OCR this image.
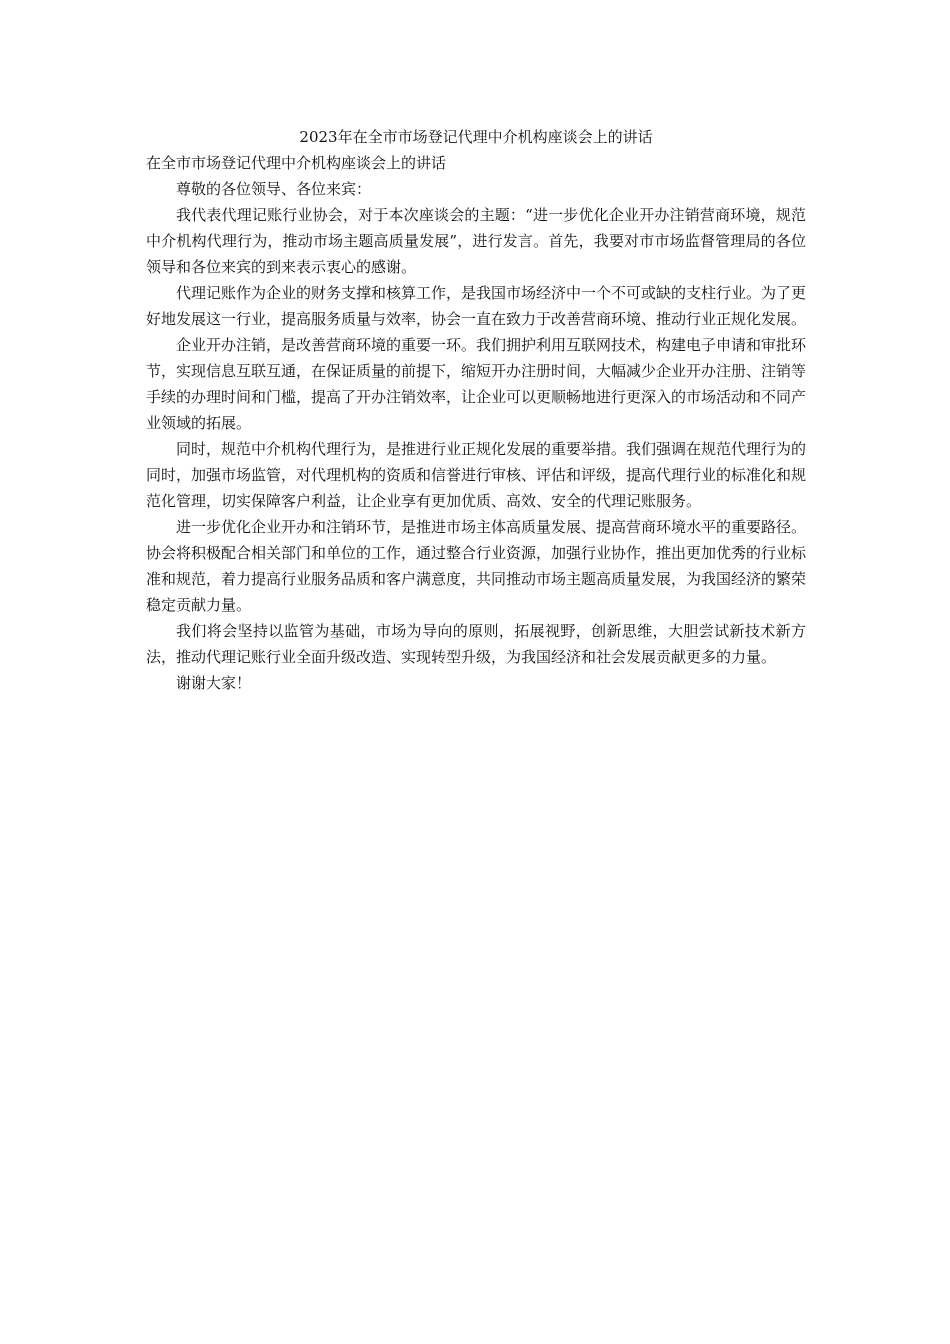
2023年在全市市场登记代理中介机构座谈会上的讲话

在全市市场登记代理中介机构座谈会上的讲话

尊敬的各位领导、各位来宾：

我代表代理记账行业协会，对于本次座谈会的主题：“进一步优化企业开办注销营商环境，规范中介机构代理行为，推动市场主题高质量发展”，进行发言。首先，我要对市市场监督管理局的各位领导和各位来宾的到来表示衷心的感谢。

代理记账作为企业的财务支撑和核算工作，是我国市场经济中一个不可或缺的支柱行业。为了更好地发展这一行业，提高服务质量与效率，协会一直在致力于改善营商环境、推动行业正规化发展。

企业开办注销，是改善营商环境的重要一环。我们拥护利用互联网技术，构建电子申请和审批环节，实现信息互联互通，在保证质量的前提下，缩短开办注册时间，大幅减少企业开办注册、注销等手续的办理时间和门槛，提高了开办注销效率，让企业可以更顺畅地进行更深入的市场活动和不同产业领域的拓展。

同时，规范中介机构代理行为，是推进行业正规化发展的重要举措。我们强调在规范代理行为的同时，加强市场监管，对代理机构的资质和信誉进行审核、评估和评级，提高代理行业的标准化和规范化管理，切实保障客户利益，让企业享有更加优质、高效、安全的代理记账服务。

进一步优化企业开办和注销环节，是推进市场主体高质量发展、提高营商环境水平的重要路径。协会将积极配合相关部门和单位的工作，通过整合行业资源，加强行业协作，推出更加优秀的行业标准和规范，着力提高行业服务品质和客户满意度，共同推动市场主题高质量发展，为我国经济的繁荣稳定贡献力量。

我们将会坚持以监管为基础，市场为导向的原则，拓展视野，创新思维，大胆尝试新技术新方法，推动代理记账行业全面升级改造、实现转型升级，为我国经济和社会发展贡献更多的力量。

谢谢大家！
